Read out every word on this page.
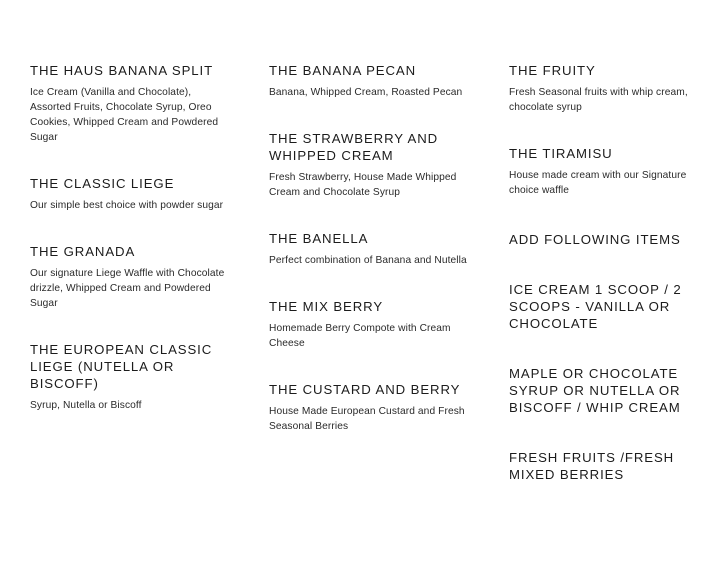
THE HAUS BANANA SPLIT

Ice Cream (Vanilla and Chocolate), Assorted Fruits, Chocolate Syrup, Oreo Cookies, Whipped Cream and Powdered Sugar

THE CLASSIC LIEGE

Our simple best choice with powder sugar

THE GRANADA

Our signature Liege Waffle with Chocolate drizzle, Whipped Cream and Powdered Sugar

THE EUROPEAN CLASSIC LIEGE (NUTELLA OR BISCOFF)

Syrup, Nutella or Biscoff

THE BANANA PECAN

Banana, Whipped Cream, Roasted Pecan

THE STRAWBERRY AND WHIPPED CREAM

Fresh Strawberry, House Made Whipped Cream and Chocolate Syrup

THE BANELLA

Perfect combination of Banana and Nutella

THE MIX BERRY

Homemade Berry Compote with Cream Cheese

THE CUSTARD AND BERRY

House Made European Custard and Fresh Seasonal Berries

THE FRUITY

Fresh Seasonal fruits with whip cream, chocolate syrup

THE TIRAMISU

House made cream with our Signature choice waffle

ADD FOLLOWING ITEMS
ICE CREAM 1 SCOOP / 2 SCOOPS - VANILLA OR CHOCOLATE
MAPLE OR CHOCOLATE SYRUP OR NUTELLA OR BISCOFF / WHIP CREAM
FRESH FRUITS /FRESH MIXED BERRIES
